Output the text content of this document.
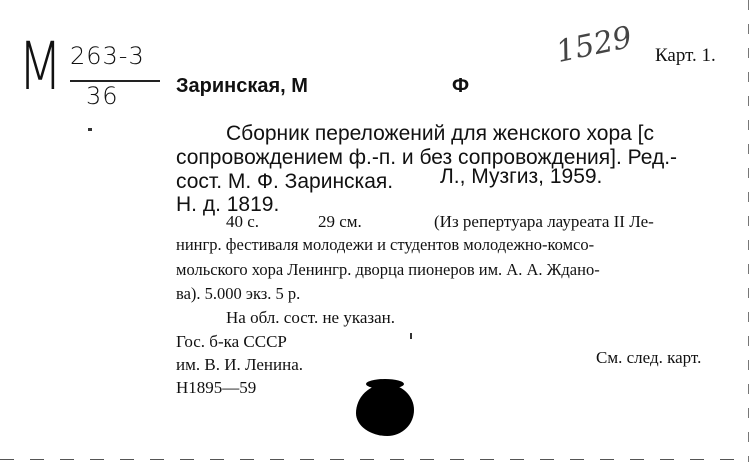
М 263-3
36
1529 Карт. 1.
Заринская, М	Ф
Сборник переложений для женского хора [с
сопровождением ф.-п. и без сопровождения]. Ред.-
сост. М. Ф. Заринская. Л., Музгиз, 1959.
Н. д. 1819.
40 с.	29 см.	(Из репертуара лауреата II Ле-
нингр. фестиваля молодежи и студентов молодежно-комсо-
мольского хора Ленингр. дворца пионеров им. А. А. Ждано-
ва). 5.000 экз. 5 р.
На обл. сост. не указан.
Гос. б-ка СССР
им. В. И. Ленина.
Н1895—59
См. след. карт.
